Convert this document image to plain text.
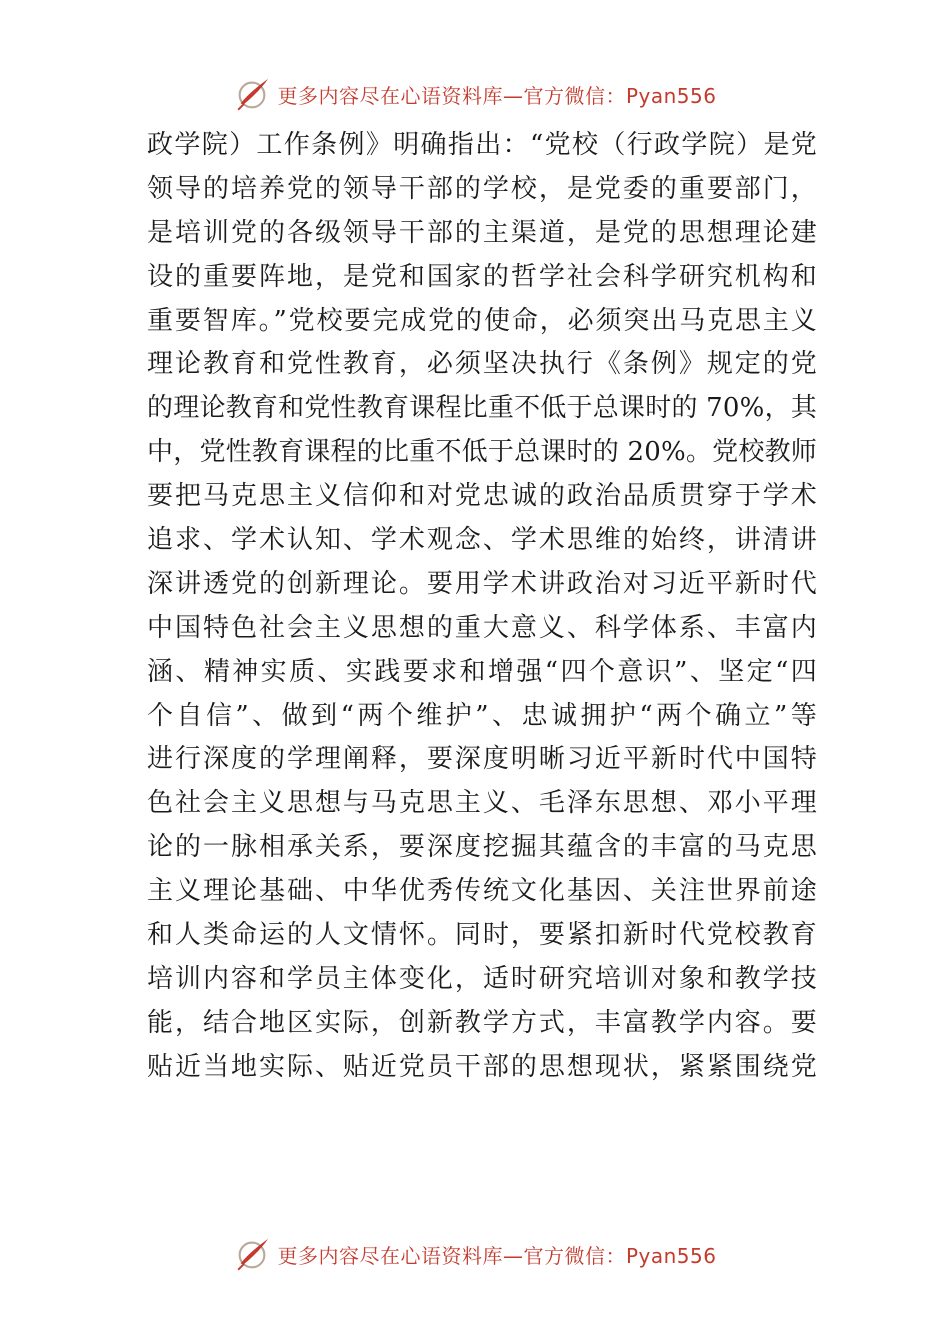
更多内容尽在心语资料库—官方微信：Pyan556
政学院）工作条例》明确指出：“党校（行政学院）是党
领导的培养党的领导干部的学校，是党委的重要部门，
是培训党的各级领导干部的主渠道，是党的思想理论建
设的重要阵地，是党和国家的哲学社会科学研究机构和
重要智库。”党校要完成党的使命，必须突出马克思主义
理论教育和党性教育，必须坚决执行《条例》规定的党
的理论教育和党性教育课程比重不低于总课时的 70%，其
中，党性教育课程的比重不低于总课时的 20%。党校教师
要把马克思主义信仰和对党忠诚的政治品质贯穿于学术
追求、学术认知、学术观念、学术思维的始终，讲清讲
深讲透党的创新理论。要用学术讲政治对习近平新时代
中国特色社会主义思想的重大意义、科学体系、丰富内
涵、精神实质、实践要求和增强“四个意识”、坚定“四
个自信”、做到“两个维护”、忠诚拥护“两个确立”等
进行深度的学理阐释，要深度明晰习近平新时代中国特
色社会主义思想与马克思主义、毛泽东思想、邓小平理
论的一脉相承关系，要深度挖掘其蕴含的丰富的马克思
主义理论基础、中华优秀传统文化基因、关注世界前途
和人类命运的人文情怀。同时，要紧扣新时代党校教育
培训内容和学员主体变化，适时研究培训对象和教学技
能，结合地区实际，创新教学方式，丰富教学内容。要
贴近当地实际、贴近党员干部的思想现状，紧紧围绕党
更多内容尽在心语资料库—官方微信：Pyan556
